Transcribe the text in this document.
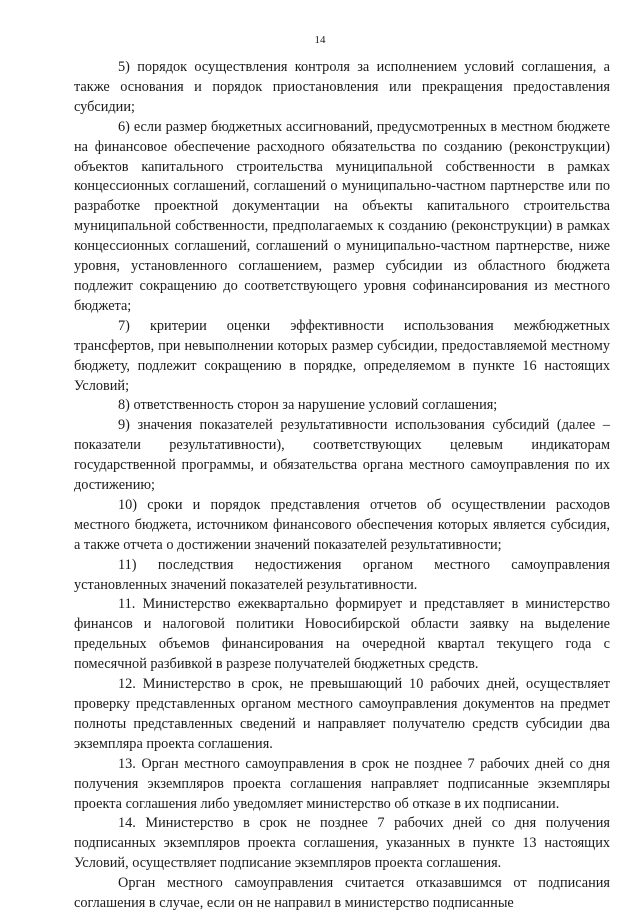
14

5) порядок осуществления контроля за исполнением условий соглашения, а также основания и порядок приостановления или прекращения предоставления субсидии;

6) если размер бюджетных ассигнований, предусмотренных в местном бюджете на финансовое обеспечение расходного обязательства по созданию (реконструкции) объектов капитального строительства муниципальной собственности в рамках концессионных соглашений, соглашений о муниципально-частном партнерстве или по разработке проектной документации на объекты капитального строительства муниципальной собственности, предполагаемых к созданию (реконструкции) в рамках концессионных соглашений, соглашений о муниципально-частном партнерстве, ниже уровня, установленного соглашением, размер субсидии из областного бюджета подлежит сокращению до соответствующего уровня софинансирования из местного бюджета;

7) критерии оценки эффективности использования межбюджетных трансфертов, при невыполнении которых размер субсидии, предоставляемой местному бюджету, подлежит сокращению в порядке, определяемом в пункте 16 настоящих Условий;

8) ответственность сторон за нарушение условий соглашения;

9) значения показателей результативности использования субсидий (далее – показатели результативности), соответствующих целевым индикаторам государственной программы, и обязательства органа местного самоуправления по их достижению;

10) сроки и порядок представления отчетов об осуществлении расходов местного бюджета, источником финансового обеспечения которых является субсидия, а также отчета о достижении значений показателей результативности;

11) последствия недостижения органом местного самоуправления установленных значений показателей результативности.

11. Министерство ежеквартально формирует и представляет в министерство финансов и налоговой политики Новосибирской области заявку на выделение предельных объемов финансирования на очередной квартал текущего года с помесячной разбивкой в разрезе получателей бюджетных средств.

12. Министерство в срок, не превышающий 10 рабочих дней, осуществляет проверку представленных органом местного самоуправления документов на предмет полноты представленных сведений и направляет получателю средств субсидии два экземпляра проекта соглашения.

13. Орган местного самоуправления в срок не позднее 7 рабочих дней со дня получения экземпляров проекта соглашения направляет подписанные экземпляры проекта соглашения либо уведомляет министерство об отказе в их подписании.

14. Министерство в срок не позднее 7 рабочих дней со дня получения подписанных экземпляров проекта соглашения, указанных в пункте 13 настоящих Условий, осуществляет подписание экземпляров проекта соглашения.

Орган местного самоуправления считается отказавшимся от подписания соглашения в случае, если он не направил в министерство подписанные
